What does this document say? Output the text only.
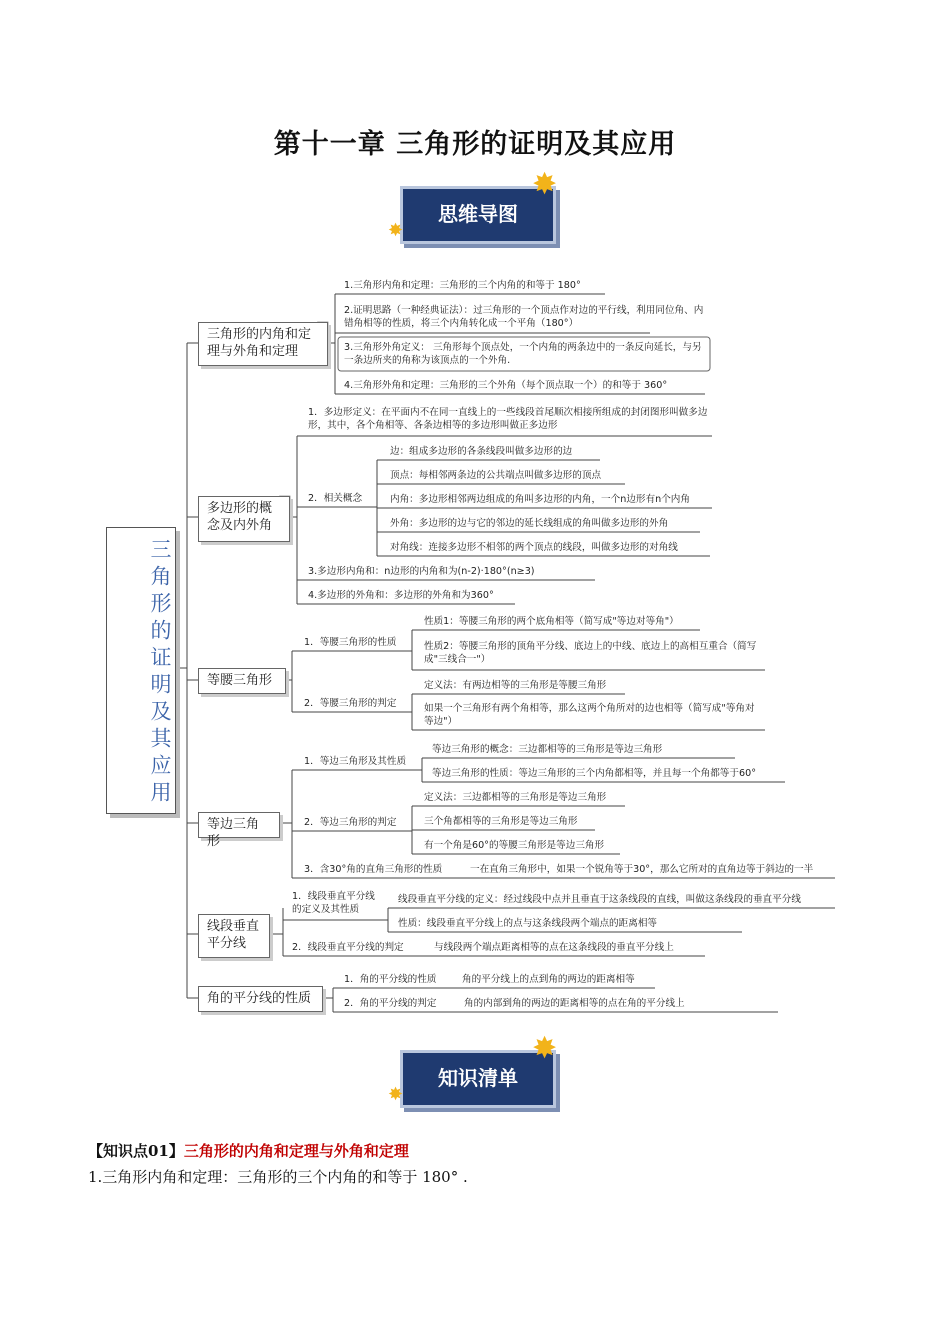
第十一章 三角形的证明及其应用
思维导图
✸
✸
三角形的证明及其应用
三角形的内角和定理与外角和定理
1.三角形内角和定理：三角形的三个内角的和等于 180°
2.证明思路（一种经典证法）：过三角形的一个顶点作对边的平行线，利用同位角、内错角相等的性质，将三个内角转化成一个平角（180°）
3.三角形外角定义： 三角形每个顶点处，一个内角的两条边中的一条反向延长，与另一条边所夹的角称为该顶点的一个外角.
4.三角形外角和定理：三角形的三个外角（每个顶点取一个）的和等于 360°
多边形的概念及内外角
1．多边形定义：在平面内不在同一直线上的一些线段首尾顺次相接所组成的封闭图形叫做多边形，其中，各个角相等、各条边相等的多边形叫做正多边形
2．相关概念
边：组成多边形的各条线段叫做多边形的边
顶点：每相邻两条边的公共端点叫做多边形的顶点
内角：多边形相邻两边组成的角叫多边形的内角，一个n边形有n个内角
外角：多边形的边与它的邻边的延长线组成的角叫做多边形的外角
对角线：连接多边形不相邻的两个顶点的线段，叫做多边形的对角线
3.多边形内角和：n边形的内角和为(n-2)·180°(n≥3)
4.多边形的外角和：多边形的外角和为360°
等腰三角形
1．等腰三角形的性质
性质1：等腰三角形的两个底角相等（简写成"等边对等角"）
性质2：等腰三角形的顶角平分线、底边上的中线、底边上的高相互重合（简写成"三线合一"）
2．等腰三角形的判定
定义法：有两边相等的三角形是等腰三角形
如果一个三角形有两个角相等，那么这两个角所对的边也相等（简写成"等角对等边"）
等边三角形
1．等边三角形及其性质
等边三角形的概念：三边都相等的三角形是等边三角形
等边三角形的性质：等边三角形的三个内角都相等，并且每一个角都等于60°
2．等边三角形的判定
定义法：三边都相等的三角形是等边三角形
三个角都相等的三角形是等边三角形
有一个角是60°的等腰三角形是等边三角形
3．含30°角的直角三角形的性质	一在直角三角形中，如果一个锐角等于30°，那么它所对的直角边等于斜边的一半
线段垂直平分线
1．线段垂直平分线的定义及其性质
线段垂直平分线的定义：经过线段中点并且垂直于这条线段的直线，叫做这条线段的垂直平分线
性质：线段垂直平分线上的点与这条线段两个端点的距离相等
2．线段垂直平分线的判定	与线段两个端点距离相等的点在这条线段的垂直平分线上
角的平分线的性质
1．角的平分线的性质	角的平分线上的点到角的两边的距离相等
2．角的平分线的判定	角的内部到角的两边的距离相等的点在角的平分线上
知识清单
✸
✸
【知识点01】三角形的内角和定理与外角和定理
1.三角形内角和定理：三角形的三个内角的和等于 180° .
